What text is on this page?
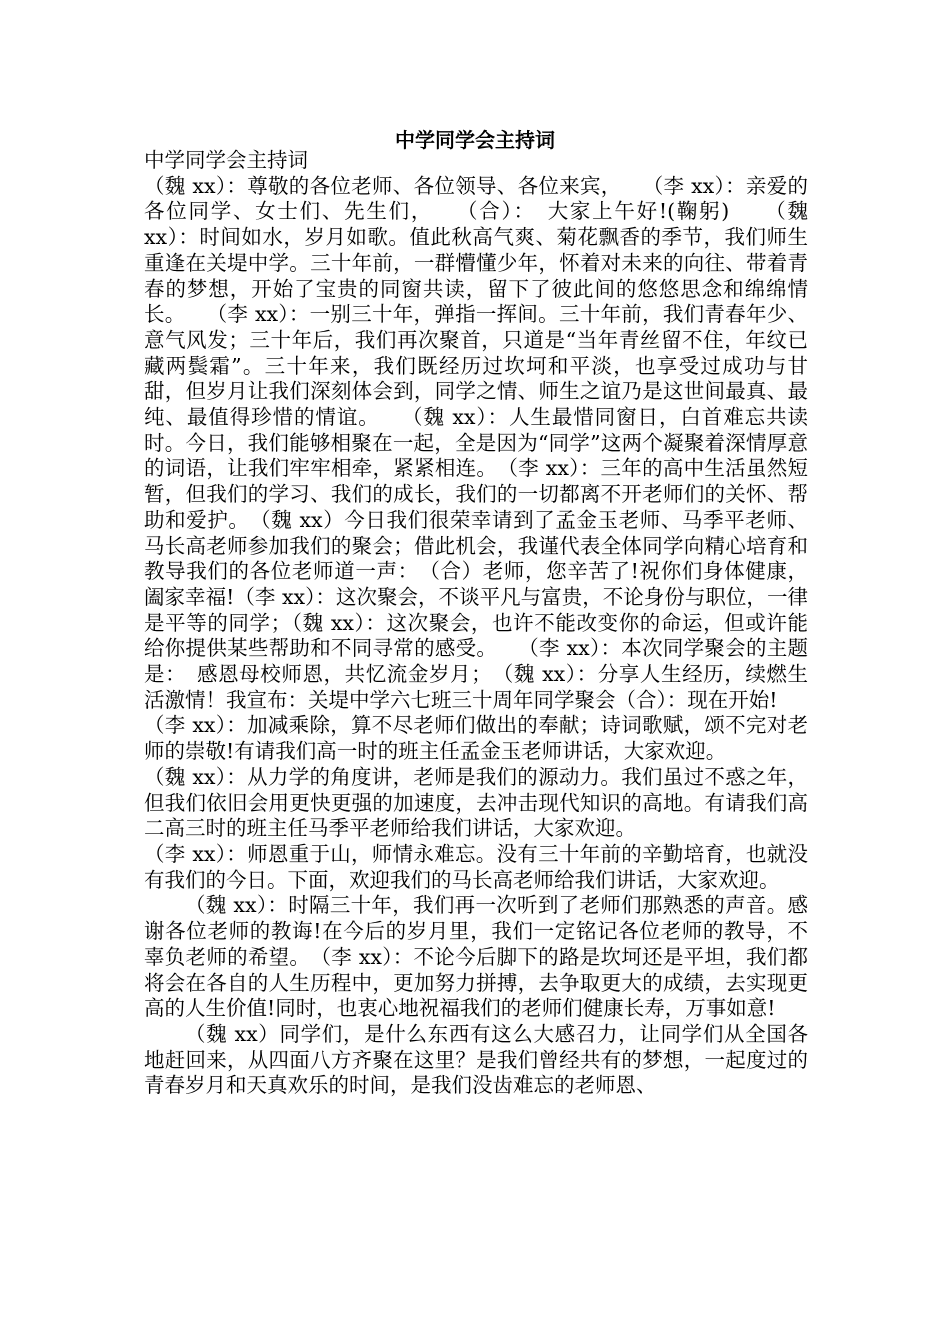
中学同学会主持词

中学同学会主持词

（魏 xx）：尊敬的各位老师、各位领导、各位来宾，　　（李 xx）：亲爱的各位同学、女士们、先生们，　　（合）：　大家上午好!(鞠躬)　　（魏 xx）：时间如水，岁月如歌。值此秋高气爽、菊花飘香的季节，我们师生重逢在关堤中学。三十年前，一群懵懂少年，怀着对未来的向往、带着青春的梦想，开始了宝贵的同窗共读，留下了彼此间的悠悠思念和绵绵情长。　　（李 xx）：一别三十年，弹指一挥间。三十年前，我们青春年少、意气风发；三十年后，我们再次聚首，只道是“当年青丝留不住，年纹已藏两鬓霜”。三十年来，我们既经历过坎坷和平淡，也享受过成功与甘甜，但岁月让我们深刻体会到，同学之情、师生之谊乃是这世间最真、最纯、最值得珍惜的情谊。　　（魏 xx）：人生最惜同窗日，白首难忘共读时。今日，我们能够相聚在一起，全是因为“同学”这两个凝聚着深情厚意的词语，让我们牢牢相牵，紧紧相连。　（李 xx）：三年的高中生活虽然短暂，但我们的学习、我们的成长，我们的一切都离不开老师们的关怀、帮助和爱护。　（魏 xx）今日我们很荣幸请到了孟金玉老师、马季平老师、马长高老师参加我们的聚会；借此机会，我谨代表全体同学向精心培育和教导我们的各位老师道一声：　（合）老师，您辛苦了!祝你们身体健康，阖家幸福!（李 xx）：这次聚会，不谈平凡与富贵，不论身份与职位，一律是平等的同学；（魏 xx）：这次聚会，也许不能改变你的命运，但或许能给你提供某些帮助和不同寻常的感受。　　（李 xx）：本次同学聚会的主题是：　感恩母校师恩，共忆流金岁月；　（魏 xx）：分享人生经历，续燃生活激情！我宣布：关堤中学六七班三十周年同学聚会（合）：现在开始!

（李 xx）：加减乘除，算不尽老师们做出的奉献；诗词歌赋，颂不完对老师的崇敬!有请我们高一时的班主任孟金玉老师讲话，大家欢迎。

（魏 xx）：从力学的角度讲，老师是我们的源动力。我们虽过不惑之年，但我们依旧会用更快更强的加速度，去冲击现代知识的高地。有请我们高二高三时的班主任马季平老师给我们讲话，大家欢迎。

（李 xx）：师恩重于山，师情永难忘。没有三十年前的辛勤培育，也就没有我们的今日。下面，欢迎我们的马长高老师给我们讲话，大家欢迎。

（魏 xx）：时隔三十年，我们再一次听到了老师们那熟悉的声音。感谢各位老师的教诲!在今后的岁月里，我们一定铭记各位老师的教导，不辜负老师的希望。　（李 xx）：不论今后脚下的路是坎坷还是平坦，我们都将会在各自的人生历程中，更加努力拼搏，去争取更大的成绩，去实现更高的人生价值!同时，也衷心地祝福我们的老师们健康长寿，万事如意!

（魏 xx）同学们，是什么东西有这么大感召力，让同学们从全国各地赶回来，从四面八方齐聚在这里？是我们曾经共有的梦想，一起度过的青春岁月和天真欢乐的时间，是我们没齿难忘的老师恩、
